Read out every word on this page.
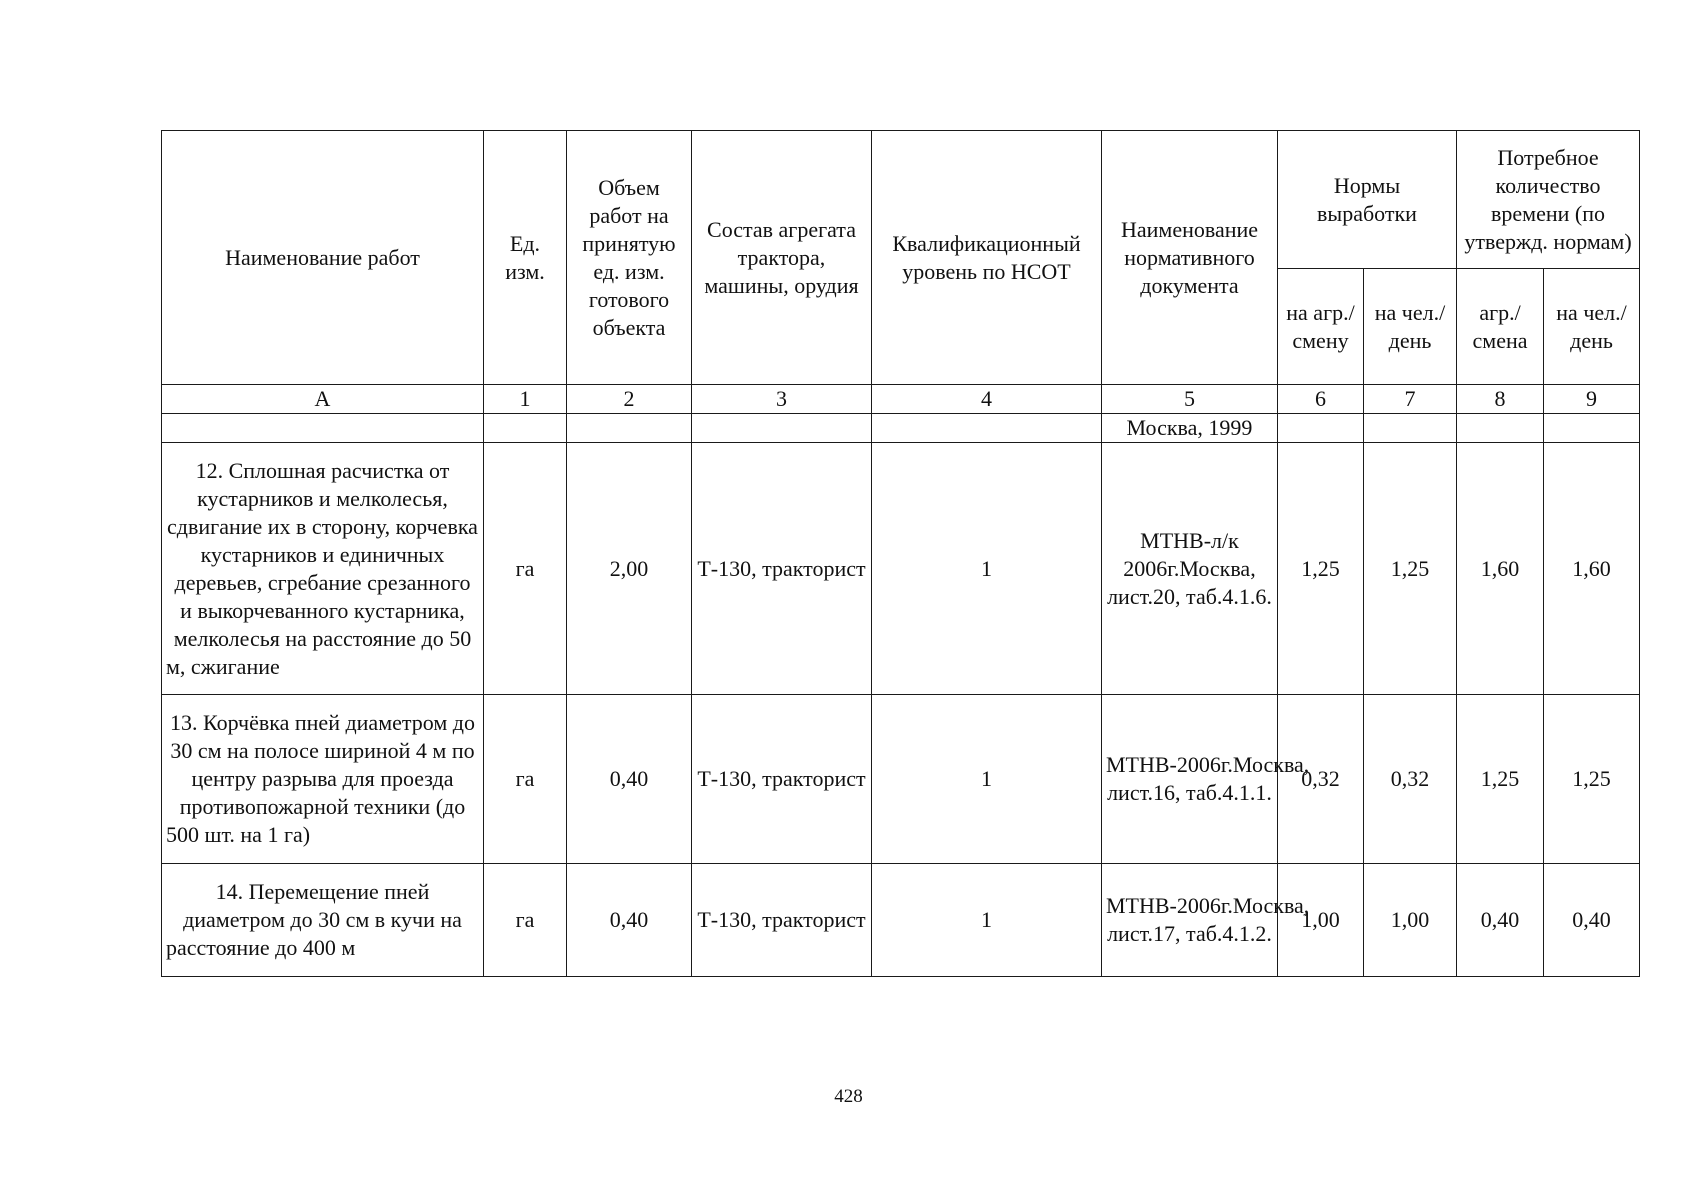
Наименование работ	Ед. изм.	Объем работ на принятую ед. изм. готового объекта	Состав агрегата трактора, машины, орудия	Квалификационный уровень по НСОТ	Наименование нормативного документа	Нормы выработки		Потребное количество времени (по утвержд. нормам)	
						на агр./ смену	на чел./ день	агр./ смена	на чел./ день
А	1	2	3	4	5	6	7	8	9
					Москва, 1999				
12. Сплошная расчистка от кустарников и мелколесья, сдвигание их в сторону, корчевка кустарников и единичных деревьев, сгребание срезанного и выкорчеванного кустарника, мелколесья на расстояние до 50 м, сжигание	га	2,00	Т-130, тракторист	1	МТНВ-л/к 2006г.Москва, лист.20, таб.4.1.6.	1,25	1,25	1,60	1,60
13. Корчёвка пней диаметром до 30 см на полосе шириной 4 м по центру разрыва для проезда противопожарной техники (до 500 шт. на 1 га)	га	0,40	Т-130, тракторист	1	МТНВ-2006г.Москва, лист.16, таб.4.1.1.	0,32	0,32	1,25	1,25
14. Перемещение пней диаметром до 30 см в кучи на расстояние до 400 м	га	0,40	Т-130, тракторист	1	МТНВ-2006г.Москва, лист.17, таб.4.1.2.	1,00	1,00	0,40	0,40
428
